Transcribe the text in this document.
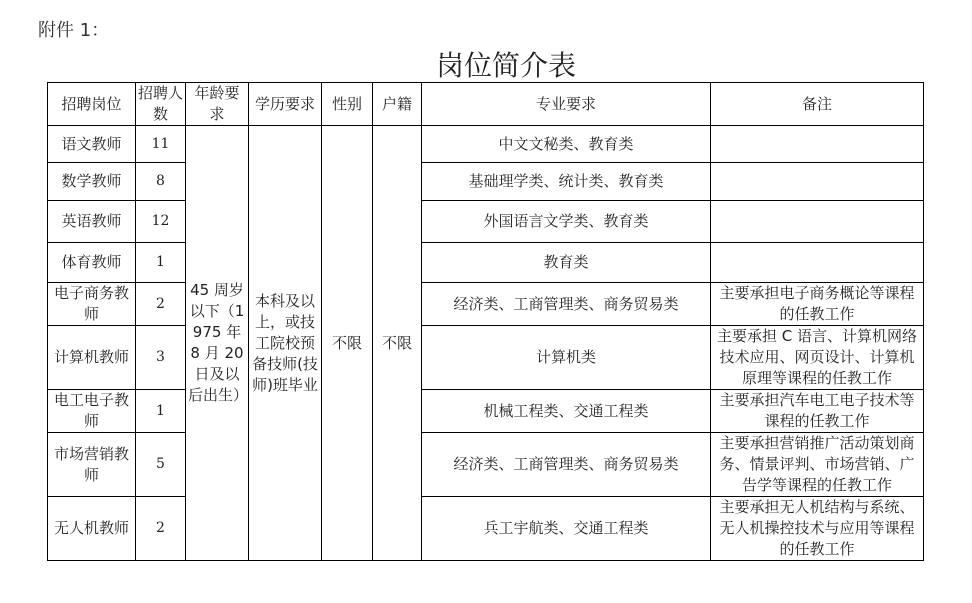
附件 1：
岗位简介表
招聘岗位	招聘人数	年龄要求	学历要求	性别	户籍	专业要求	备注
语文教师	11	45 周岁以下（1975 年 8 月 20 日及以后出生）	本科及以上，或技工院校预备技师(技师)班毕业	不限	不限	中文文秘类、教育类	
数学教师	8					基础理学类、统计类、教育类	
英语教师	12					外国语言文学类、教育类	
体育教师	1					教育类	
电子商务教师	2					经济类、工商管理类、商务贸易类	主要承担电子商务概论等课程的任教工作
计算机教师	3					计算机类	主要承担 C 语言、计算机网络技术应用、网页设计、计算机原理等课程的任教工作
电工电子教师	1					机械工程类、交通工程类	主要承担汽车电工电子技术等课程的任教工作
市场营销教师	5					经济类、工商管理类、商务贸易类	主要承担营销推广活动策划商务、情景评判、市场营销、广告学等课程的任教工作
无人机教师	2					兵工宇航类、交通工程类	主要承担无人机结构与系统、无人机操控技术与应用等课程的任教工作
